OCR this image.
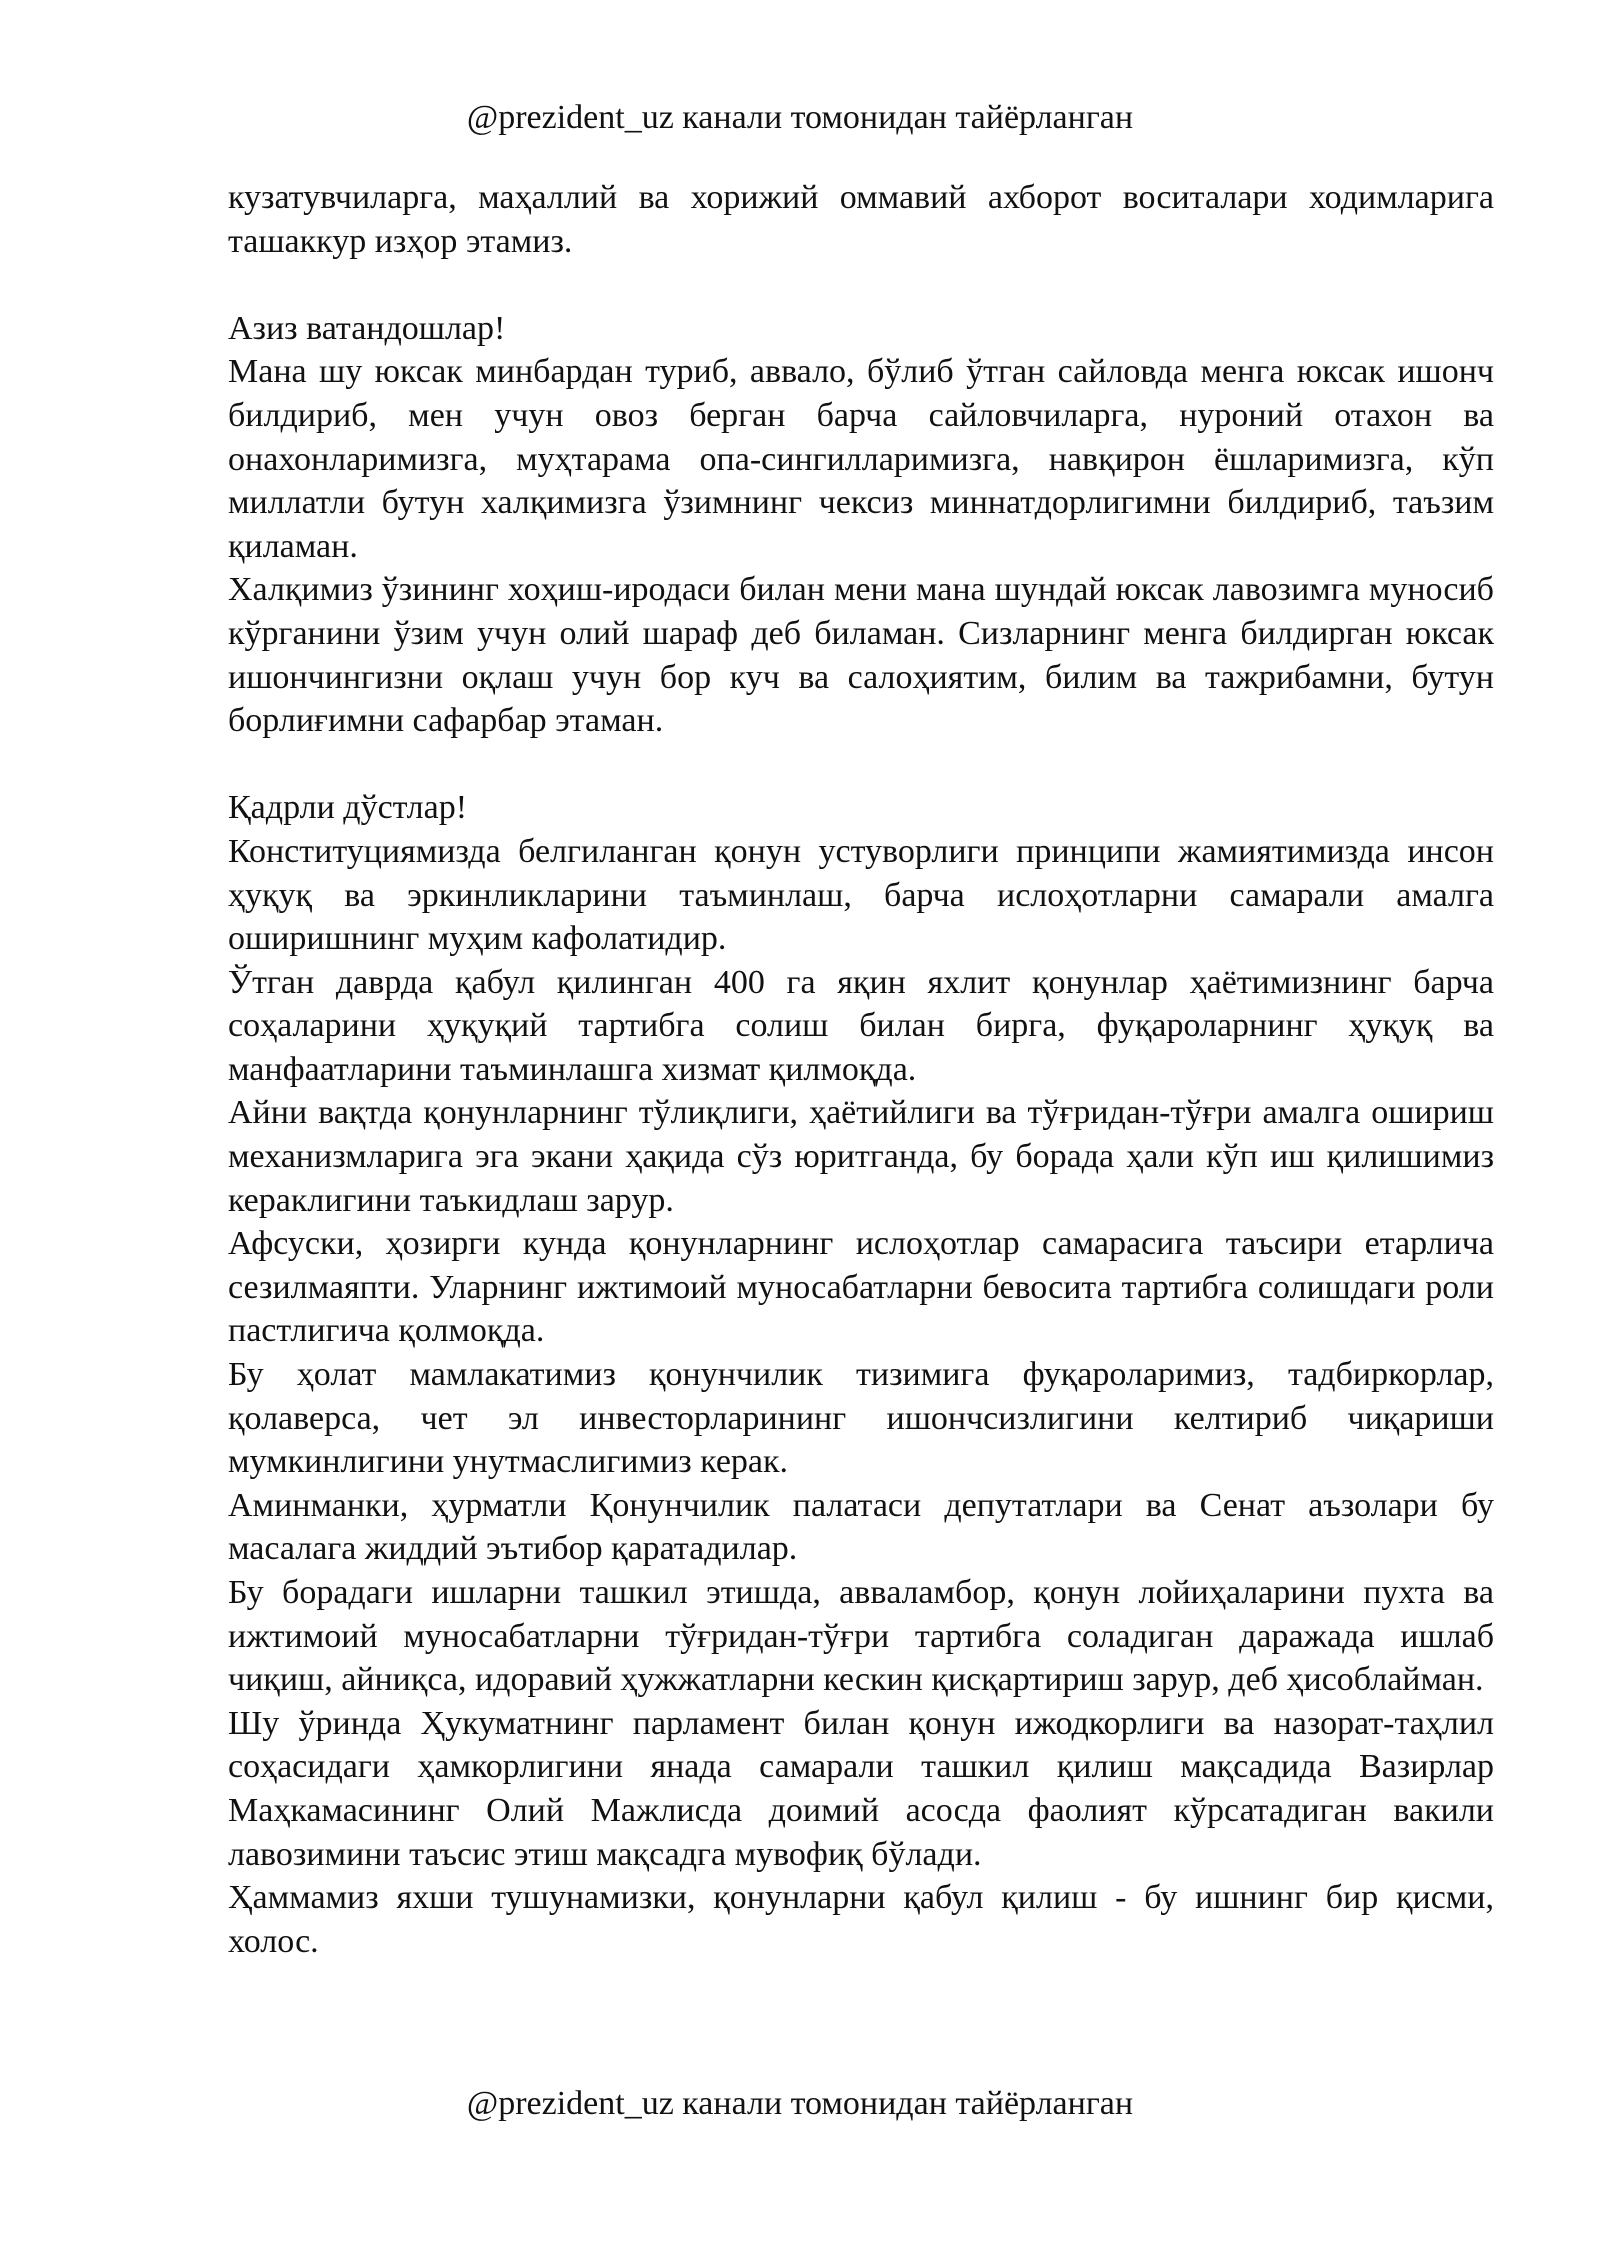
@prezident_uz канали томонидан тайёрланган

кузатувчиларга, маҳаллий ва хорижий оммавий ахборот воситалари ходимларига ташаккур изҳор этамиз.

Азиз ватандошлар!

Мана шу юксак минбардан туриб, аввало, бўлиб ўтган сайловда менга юксак ишонч билдириб, мен учун овоз берган барча сайловчиларга, нуроний отахон ва онахонларимизга, муҳтарама опа-сингилларимизга, навқирон ёшларимизга, кўп миллатли бутун халқимизга ўзимнинг чексиз миннатдорлигимни билдириб, таъзим қиламан.

Халқимиз ўзининг хоҳиш-иродаси билан мени мана шундай юксак лавозимга муносиб кўрганини ўзим учун олий шараф деб биламан. Сизларнинг менга билдирган юксак ишончингизни оқлаш учун бор куч ва салоҳиятим, билим ва тажрибамни, бутун борлиғимни сафарбар этаман.

Қадрли дўстлар!

Конституциямизда белгиланган қонун устуворлиги принципи жамиятимизда инсон ҳуқуқ ва эркинликларини таъминлаш, барча ислоҳотларни самарали амалга оширишнинг муҳим кафолатидир.

Ўтган даврда қабул қилинган 400 га яқин яхлит қонунлар ҳаётимизнинг барча соҳаларини ҳуқуқий тартибга солиш билан бирга, фуқароларнинг ҳуқуқ ва манфаатларини таъминлашга хизмат қилмоқда.

Айни вақтда қонунларнинг тўлиқлиги, ҳаётийлиги ва тўғридан-тўғри амалга ошириш механизмларига эга экани ҳақида сўз юритганда, бу борада ҳали кўп иш қилишимиз кераклигини таъкидлаш зарур.

Афсуски, ҳозирги кунда қонунларнинг ислоҳотлар самарасига таъсири етарлича сезилмаяпти. Уларнинг ижтимоий муносабатларни бевосита тартибга солишдаги роли пастлигича қолмоқда.

Бу ҳолат мамлакатимиз қонунчилик тизимига фуқароларимиз, тадбиркорлар, қолаверса, чет эл инвесторларининг ишончсизлигини келтириб чиқариши мумкинлигини унутмаслигимиз керак.

Аминманки, ҳурматли Қонунчилик палатаси депутатлари ва Сенат аъзолари бу масалага жиддий эътибор қаратадилар.

Бу борадаги ишларни ташкил этишда, аввaламбор, қонун лойиҳаларини пухта ва ижтимоий муносабатларни тўғридан-тўғри тартибга соладиган даражада ишлаб чиқиш, айниқса, идоравий ҳужжатларни кескин қисқартириш зарур, деб ҳисоблайман.

Шу ўринда Ҳукуматнинг парламент билан қонун ижодкорлиги ва назорат-таҳлил соҳасидаги ҳамкорлигини янада самарали ташкил қилиш мақсадида Вазирлар Маҳкамасининг Олий Мажлисда доимий асосда фаолият кўрсатадиган вакили лавозимини таъсис этиш мақсадга мувофиқ бўлади.

Ҳаммамиз яхши тушунамизки, қонунларни қабул қилиш - бу ишнинг бир қисми, холос.

@prezident_uz канали томонидан тайёрланган
